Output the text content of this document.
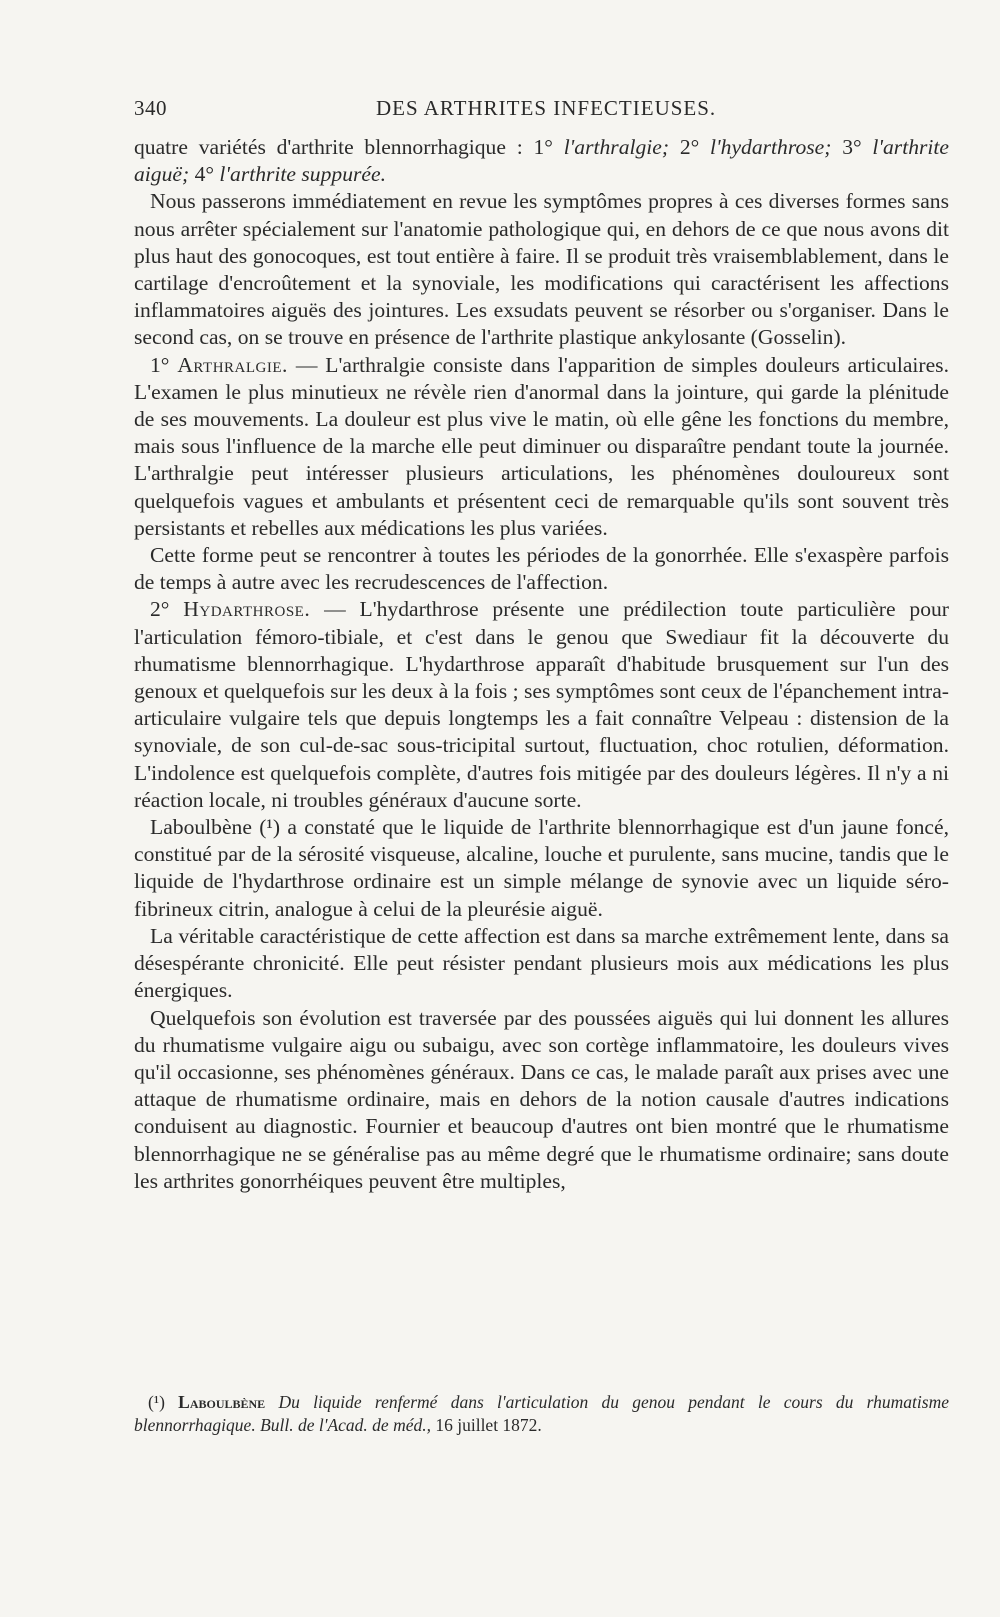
340	DES ARTHRITES INFECTIEUSES.

quatre variétés d'arthrite blennorrhagique : 1° l'arthralgie; 2° l'hydarthrose; 3° l'arthrite aiguë; 4° l'arthrite suppurée.

Nous passerons immédiatement en revue les symptômes propres à ces diverses formes sans nous arrêter spécialement sur l'anatomie pathologique qui, en dehors de ce que nous avons dit plus haut des gonocoques, est tout entière à faire. Il se produit très vraisemblablement, dans le cartilage d'encroûtement et la synoviale, les modifications qui caractérisent les affections inflammatoires aiguës des jointures. Les exsudats peuvent se résorber ou s'organiser. Dans le second cas, on se trouve en présence de l'arthrite plastique ankylosante (Gosselin).

1° Arthralgie. — L'arthralgie consiste dans l'apparition de simples douleurs articulaires. L'examen le plus minutieux ne révèle rien d'anormal dans la jointure, qui garde la plénitude de ses mouvements. La douleur est plus vive le matin, où elle gêne les fonctions du membre, mais sous l'influence de la marche elle peut diminuer ou disparaître pendant toute la journée. L'arthralgie peut intéresser plusieurs articulations, les phénomènes douloureux sont quelquefois vagues et ambulants et présentent ceci de remarquable qu'ils sont souvent très persistants et rebelles aux médications les plus variées.

Cette forme peut se rencontrer à toutes les périodes de la gonorrhée. Elle s'exaspère parfois de temps à autre avec les recrudescences de l'affection.

2° Hydarthrose. — L'hydarthrose présente une prédilection toute particulière pour l'articulation fémoro-tibiale, et c'est dans le genou que Swediaur fit la découverte du rhumatisme blennorrhagique. L'hydarthrose apparaît d'habitude brusquement sur l'un des genoux et quelquefois sur les deux à la fois ; ses symptômes sont ceux de l'épanchement intra-articulaire vulgaire tels que depuis longtemps les a fait connaître Velpeau : distension de la synoviale, de son cul-de-sac sous-tricipital surtout, fluctuation, choc rotulien, déformation. L'indolence est quelquefois complète, d'autres fois mitigée par des douleurs légères. Il n'y a ni réaction locale, ni troubles généraux d'aucune sorte.

Laboulbène (¹) a constaté que le liquide de l'arthrite blennorrhagique est d'un jaune foncé, constitué par de la sérosité visqueuse, alcaline, louche et purulente, sans mucine, tandis que le liquide de l'hydarthrose ordinaire est un simple mélange de synovie avec un liquide séro-fibrineux citrin, analogue à celui de la pleurésie aiguë.

La véritable caractéristique de cette affection est dans sa marche extrêmement lente, dans sa désespérante chronicité. Elle peut résister pendant plusieurs mois aux médications les plus énergiques.

Quelquefois son évolution est traversée par des poussées aiguës qui lui donnent les allures du rhumatisme vulgaire aigu ou subaigu, avec son cortège inflammatoire, les douleurs vives qu'il occasionne, ses phénomènes généraux. Dans ce cas, le malade paraît aux prises avec une attaque de rhumatisme ordinaire, mais en dehors de la notion causale d'autres indications conduisent au diagnostic. Fournier et beaucoup d'autres ont bien montré que le rhumatisme blennorrhagique ne se généralise pas au même degré que le rhumatisme ordinaire; sans doute les arthrites gonorrhéiques peuvent être multiples,

(¹) Laboulbène Du liquide renfermé dans l'articulation du genou pendant le cours du rhumatisme blennorrhagique. Bull. de l'Acad. de méd., 16 juillet 1872.
